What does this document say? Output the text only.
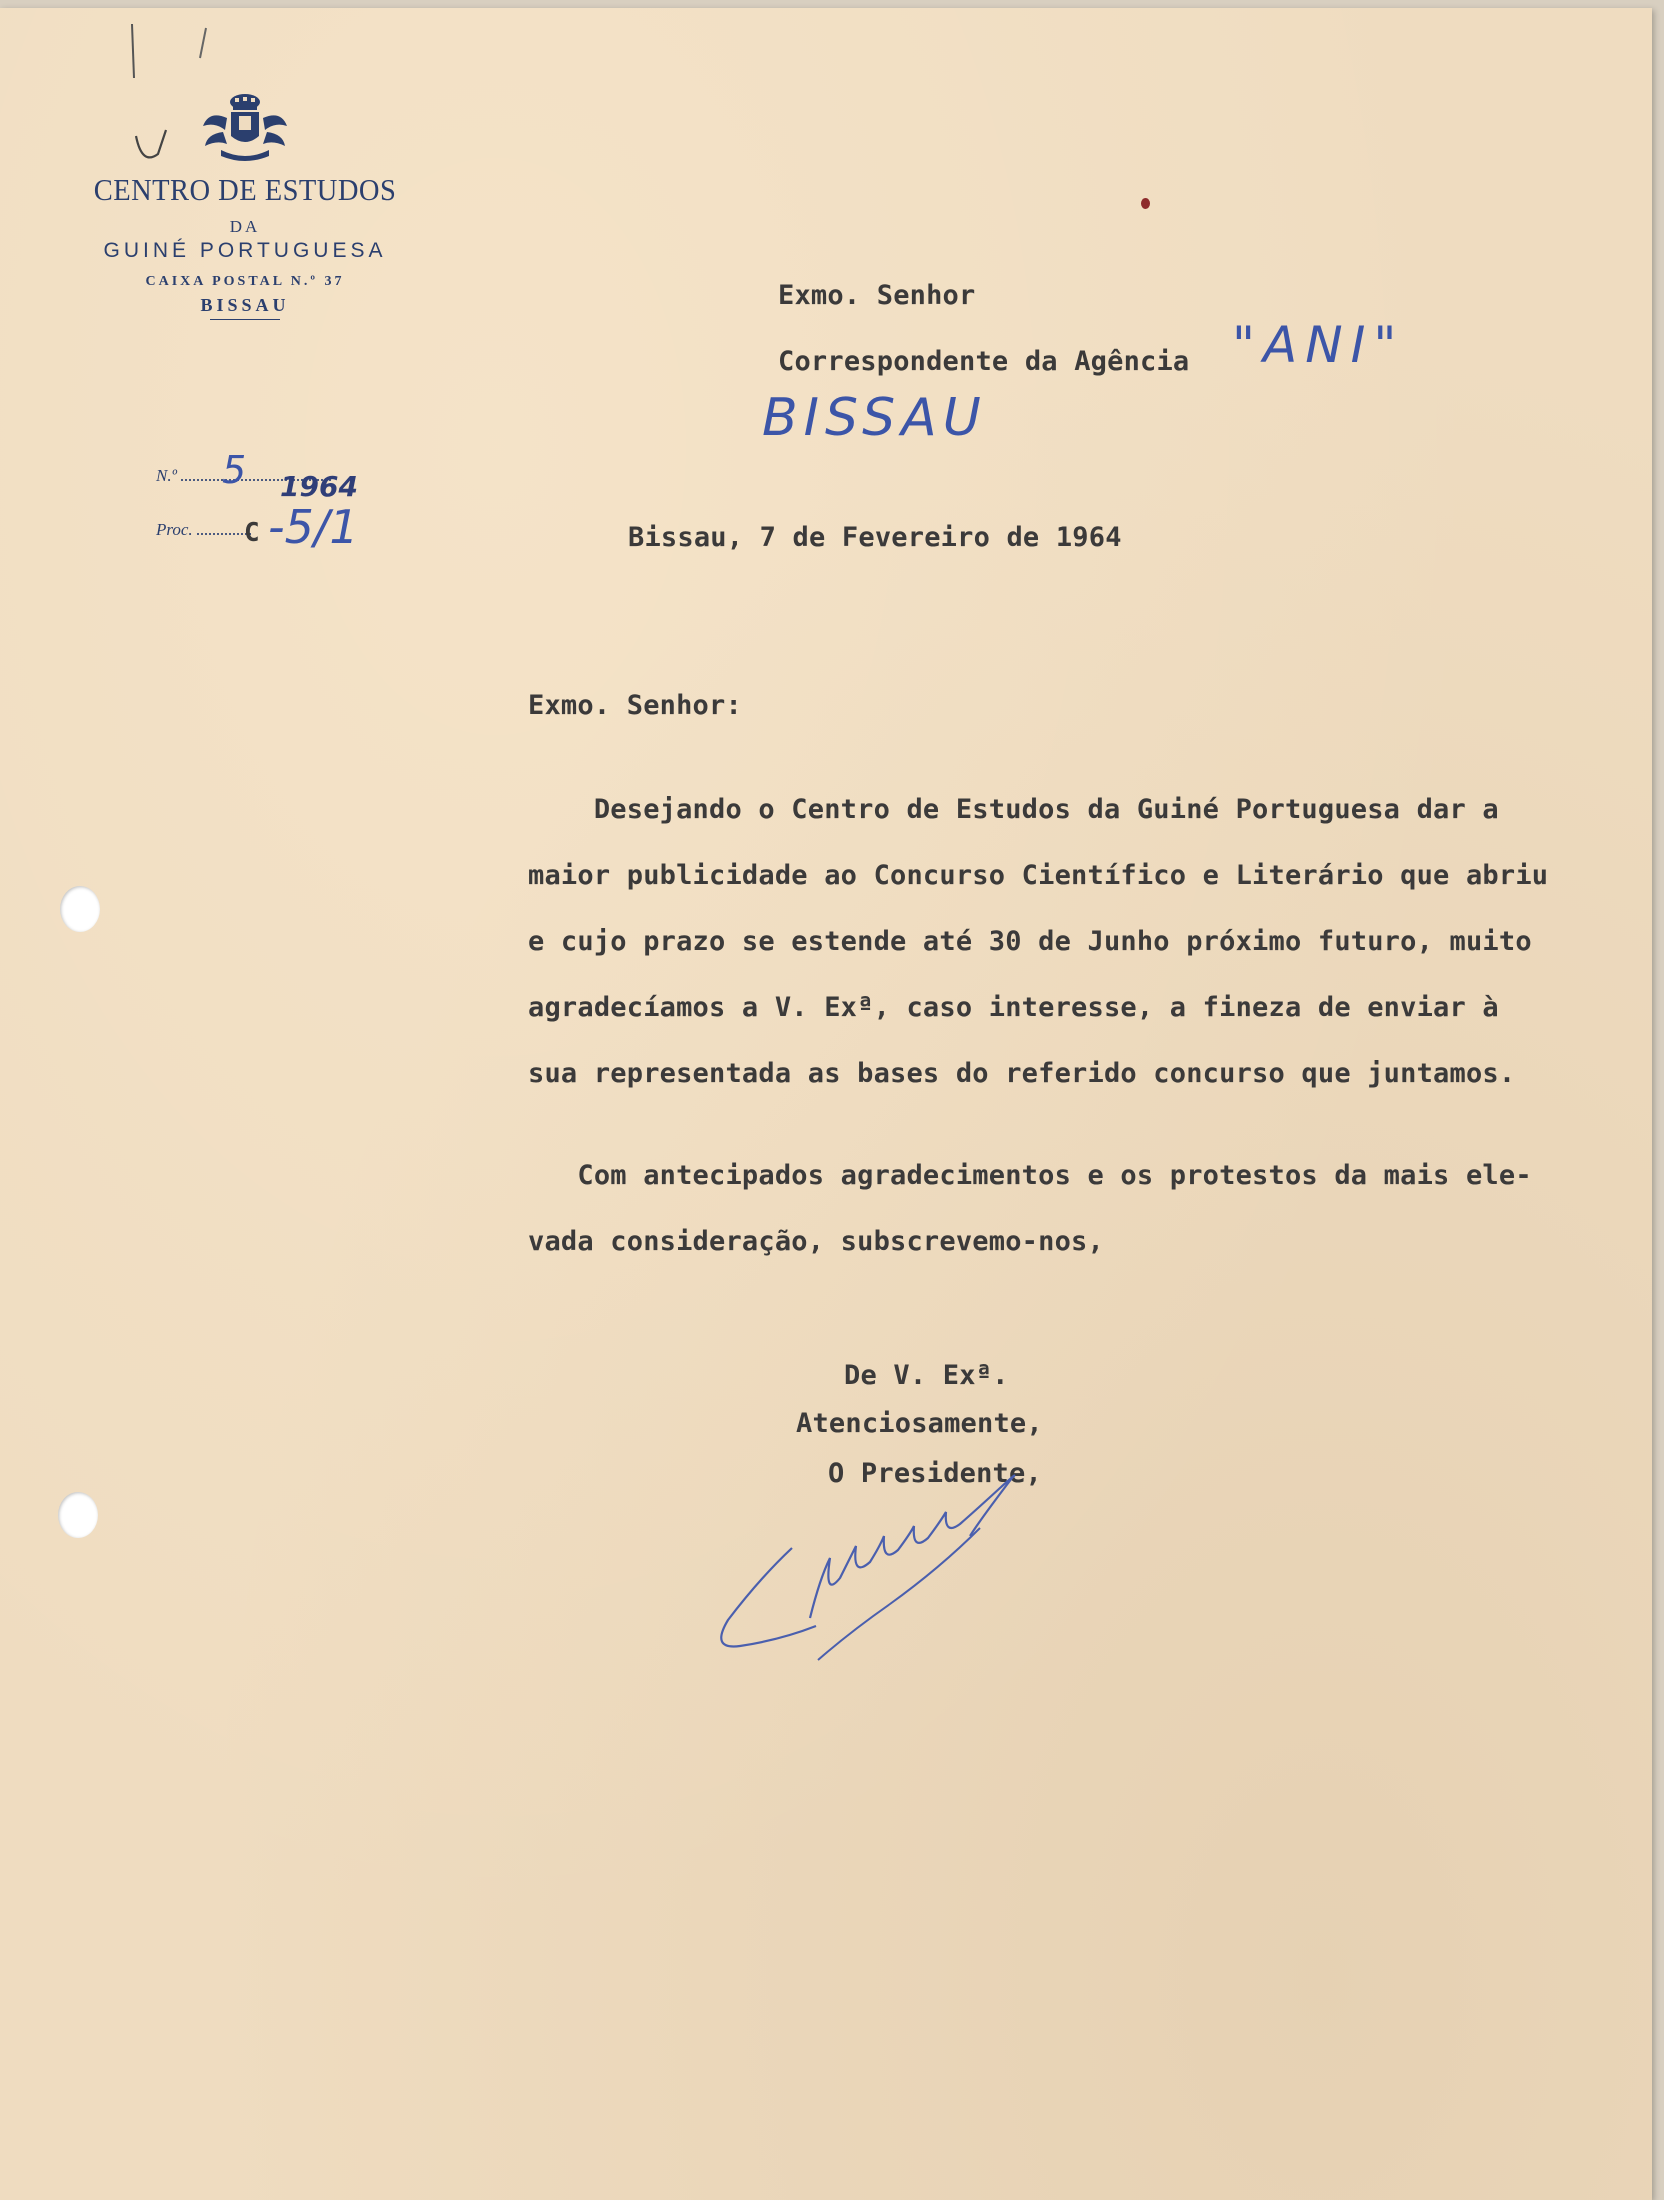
CENTRO DE ESTUDOS
DA
GUINÉ PORTUGUESA
CAIXA POSTAL N.º 37
BISSAU
N.º	5 1964
Proc.	C -5/1
Exmo. Senhor
Correspondente da Agência "ANI"
BISSAU
Bissau, 7 de Fevereiro de 1964
Exmo. Senhor:
Desejando o Centro de Estudos da Guiné Portuguesa dar a
maior publicidade ao Concurso Científico e Literário que abriu
e cujo prazo se estende até 30 de Junho próximo futuro, muito
agradecíamos a V. Exª, caso interesse, a fineza de enviar à
sua representada as bases do referido concurso que juntamos.
Com antecipados agradecimentos e os protestos da mais ele-
vada consideração, subscrevemo-nos,
De V. Exª.
Atenciosamente,
O Presidente,
